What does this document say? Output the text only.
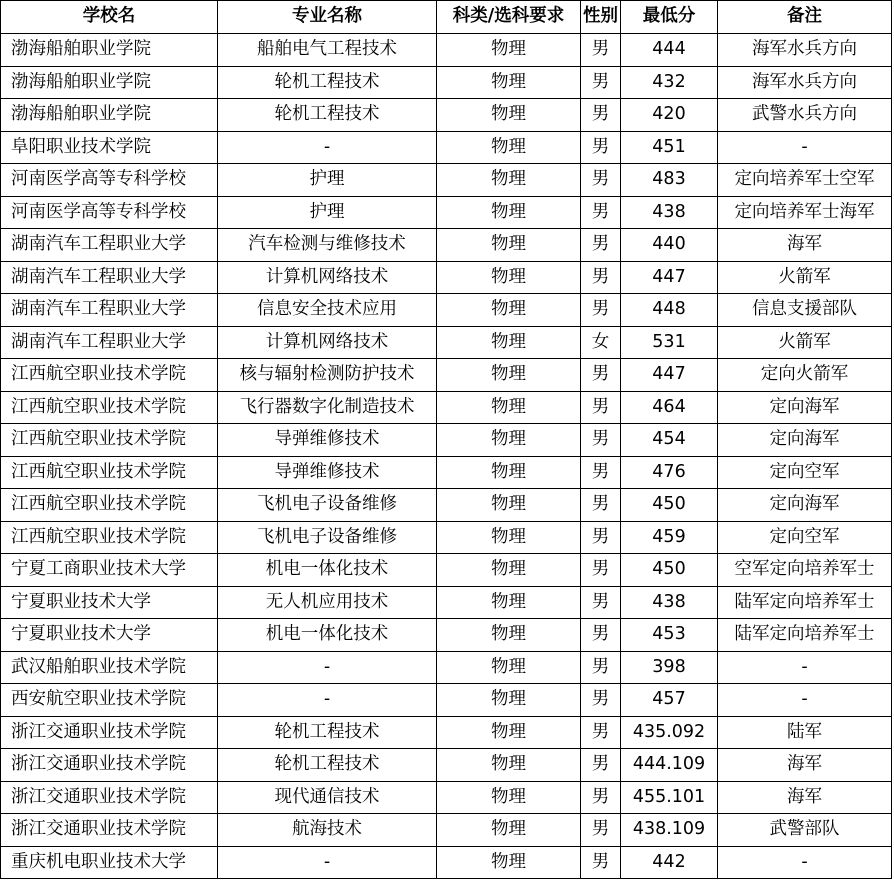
学校名	专业名称	科类/选科要求	性别	最低分	备注
渤海船舶职业学院	船舶电气工程技术	物理	男	444	海军水兵方向
渤海船舶职业学院	轮机工程技术	物理	男	432	海军水兵方向
渤海船舶职业学院	轮机工程技术	物理	男	420	武警水兵方向
阜阳职业技术学院	-	物理	男	451	-
河南医学高等专科学校	护理	物理	男	483	定向培养军士空军
河南医学高等专科学校	护理	物理	男	438	定向培养军士海军
湖南汽车工程职业大学	汽车检测与维修技术	物理	男	440	海军
湖南汽车工程职业大学	计算机网络技术	物理	男	447	火箭军
湖南汽车工程职业大学	信息安全技术应用	物理	男	448	信息支援部队
湖南汽车工程职业大学	计算机网络技术	物理	女	531	火箭军
江西航空职业技术学院	核与辐射检测防护技术	物理	男	447	定向火箭军
江西航空职业技术学院	飞行器数字化制造技术	物理	男	464	定向海军
江西航空职业技术学院	导弹维修技术	物理	男	454	定向海军
江西航空职业技术学院	导弹维修技术	物理	男	476	定向空军
江西航空职业技术学院	飞机电子设备维修	物理	男	450	定向海军
江西航空职业技术学院	飞机电子设备维修	物理	男	459	定向空军
宁夏工商职业技术大学	机电一体化技术	物理	男	450	空军定向培养军士
宁夏职业技术大学	无人机应用技术	物理	男	438	陆军定向培养军士
宁夏职业技术大学	机电一体化技术	物理	男	453	陆军定向培养军士
武汉船舶职业技术学院	-	物理	男	398	-
西安航空职业技术学院	-	物理	男	457	-
浙江交通职业技术学院	轮机工程技术	物理	男	435.092	陆军
浙江交通职业技术学院	轮机工程技术	物理	男	444.109	海军
浙江交通职业技术学院	现代通信技术	物理	男	455.101	海军
浙江交通职业技术学院	航海技术	物理	男	438.109	武警部队
重庆机电职业技术大学	-	物理	男	442	-
